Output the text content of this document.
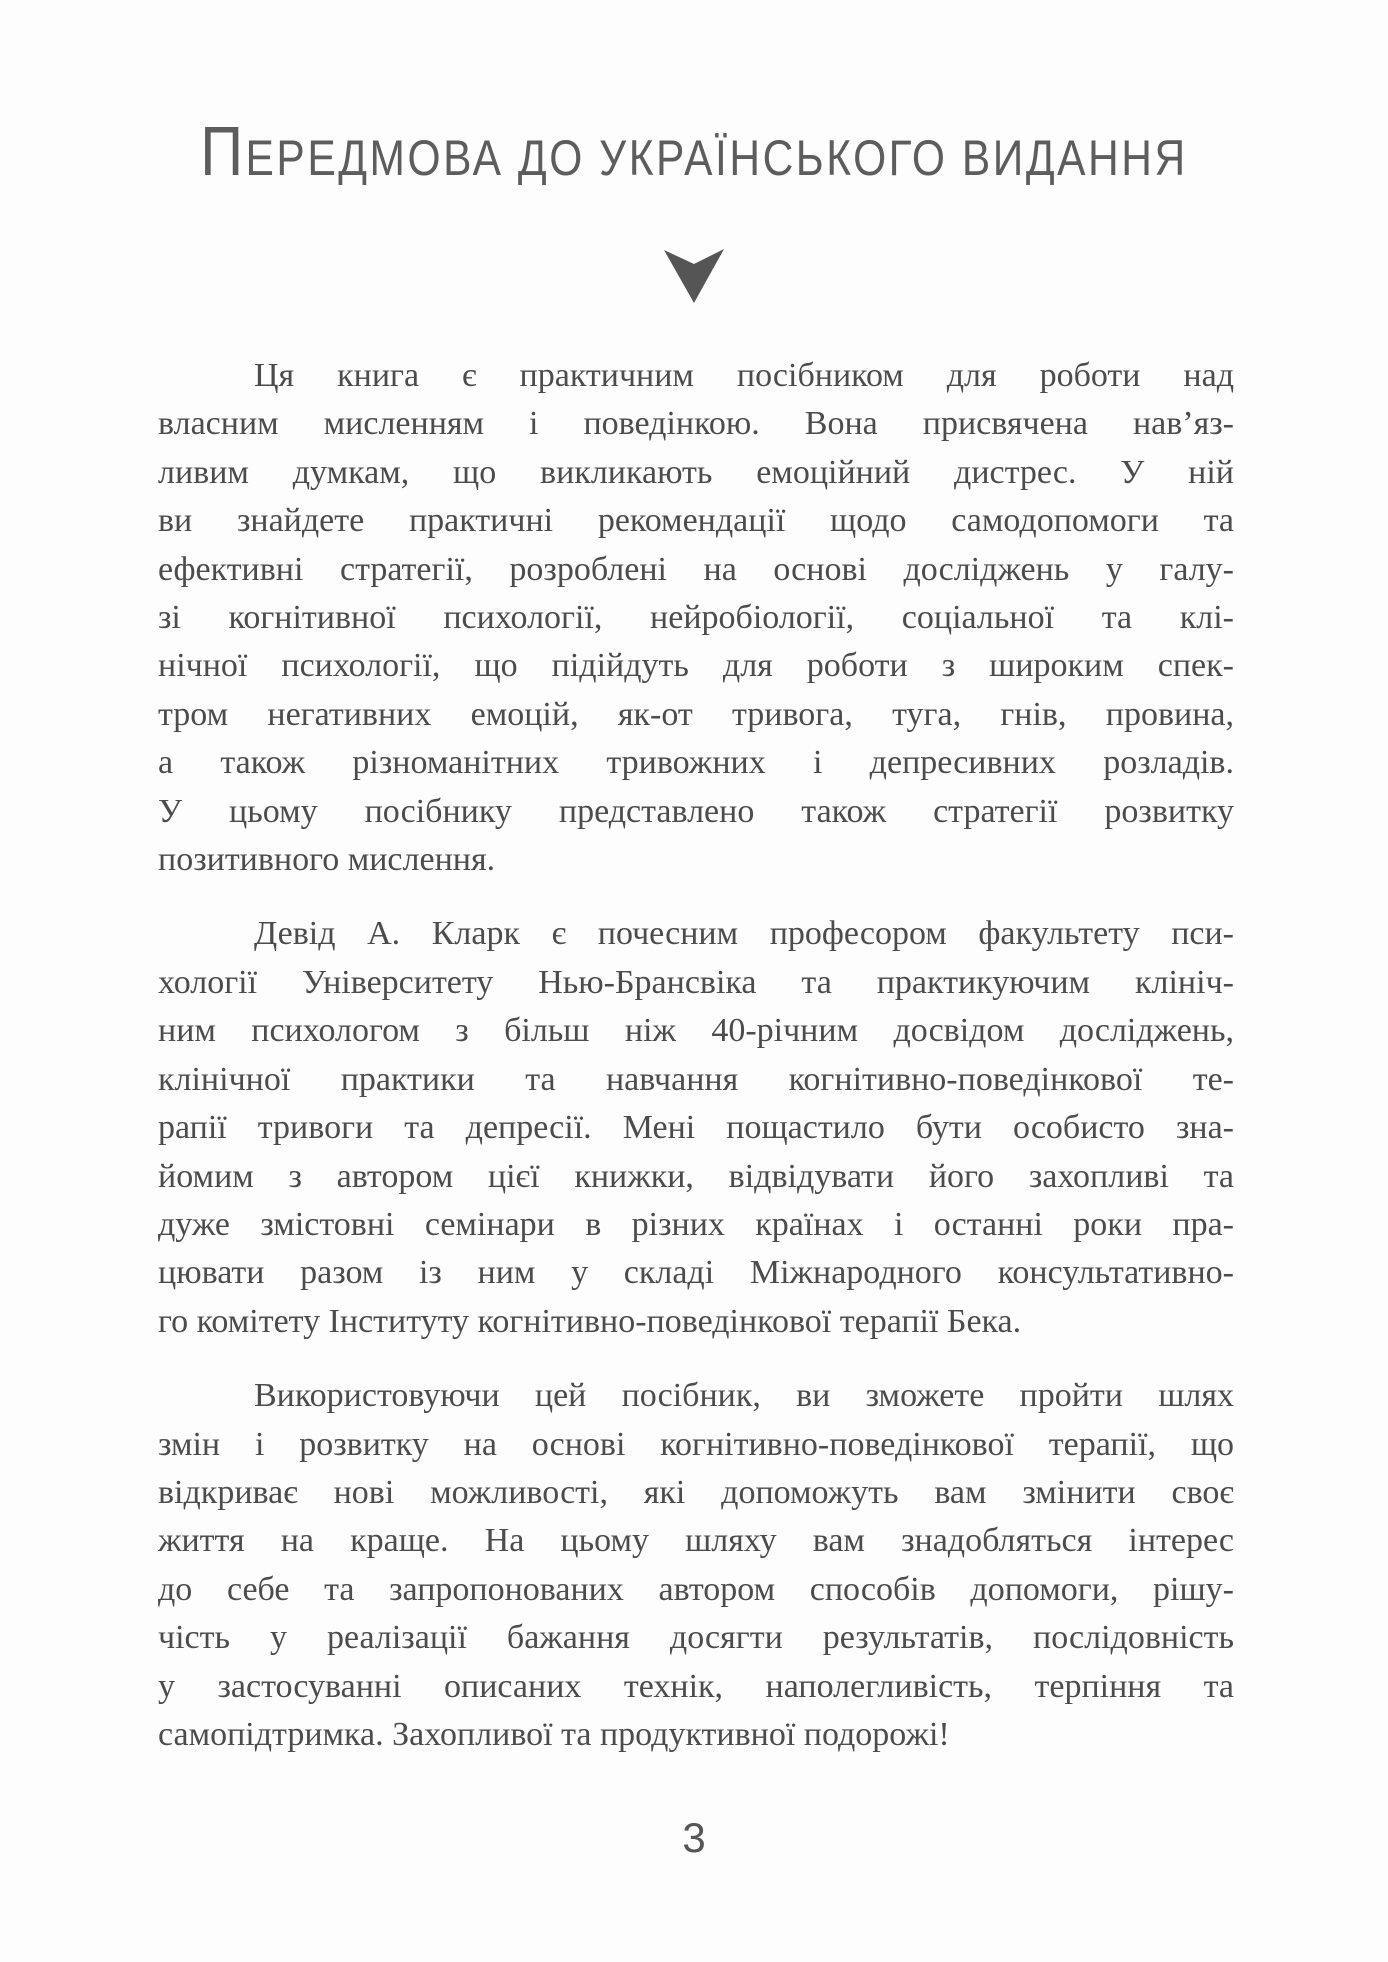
ПЕРЕДМОВА ДО УКРАЇНСЬКОГО ВИДАННЯ
Ця книга є практичним посібником для роботи над
власним мисленням і поведінкою. Вона присвячена нав’яз-
ливим думкам, що викликають емоційний дистрес. У ній
ви знайдете практичні рекомендації щодо самодопомоги та
ефективні стратегії, розроблені на основі досліджень у галу-
зі когнітивної психології, нейробіології, соціальної та клі-
нічної психології, що підійдуть для роботи з широким спек-
тром негативних емоцій, як-от тривога, туга, гнів, провина,
а також різноманітних тривожних і депресивних розладів.
У цьому посібнику представлено також стратегії розвитку
позитивного мислення.
Девід А. Кларк є почесним професором факультету пси-
хології Університету Нью-Брансвіка та практикуючим клініч-
ним психологом з більш ніж 40-річним досвідом досліджень,
клінічної практики та навчання когнітивно-поведінкової те-
рапії тривоги та депресії. Мені пощастило бути особисто зна-
йомим з автором цієї книжки, відвідувати його захопливі та
дуже змістовні семінари в різних країнах і останні роки пра-
цювати разом із ним у складі Міжнародного консультативно-
го комітету Інституту когнітивно-поведінкової терапії Бека.
Використовуючи цей посібник, ви зможете пройти шлях
змін і розвитку на основі когнітивно-поведінкової терапії, що
відкриває нові можливості, які допоможуть вам змінити своє
життя на краще. На цьому шляху вам знадобляться інтерес
до себе та запропонованих автором способів допомоги, рішу-
чість у реалізації бажання досягти результатів, послідовність
у застосуванні описаних технік, наполегливість, терпіння та
самопідтримка. Захопливої та продуктивної подорожі!
3
